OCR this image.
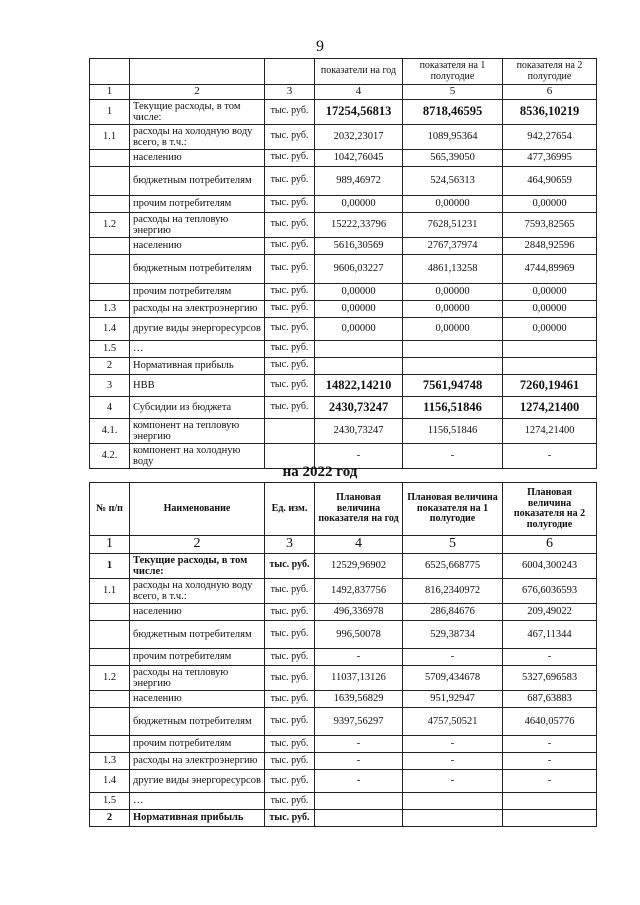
9
			показатели на год	показателя на 1 полугодие	показателя на 2 полугодие
1	2	3	4	5	6
1	Текущие расходы, в том числе:	тыс. руб.	17254,56813	8718,46595	8536,10219
1.1	расходы на холодную воду всего, в т.ч.:	тыс. руб.	2032,23017	1089,95364	942,27654
	населению	тыс. руб.	1042,76045	565,39050	477,36995
	бюджетным потребителям	тыс. руб.	989,46972	524,56313	464,90659
	прочим потребителям	тыс. руб.	0,00000	0,00000	0,00000
1.2	расходы на тепловую энергию	тыс. руб.	15222,33796	7628,51231	7593,82565
	населению	тыс. руб.	5616,30569	2767,37974	2848,92596
	бюджетным потребителям	тыс. руб.	9606,03227	4861,13258	4744,89969
	прочим потребителям	тыс. руб.	0,00000	0,00000	0,00000
1.3	расходы на электроэнергию	тыс. руб.	0,00000	0,00000	0,00000
1.4	другие виды энергоресурсов	тыс. руб.	0,00000	0,00000	0,00000
1.5	…	тыс. руб.			
2	Нормативная прибыль	тыс. руб.			
3	НВВ	тыс. руб.	14822,14210	7561,94748	7260,19461
4	Субсидии из бюджета	тыс. руб.	2430,73247	1156,51846	1274,21400
4.1.	компонент на тепловую энергию		2430,73247	1156,51846	1274,21400
4.2.	компонент на холодную воду		-	-	-
на 2022 год
№ п/п	Наименование	Ед. изм.	Плановая величина показателя на год	Плановая величина показателя на 1 полугодие	Плановая величина показателя на 2 полугодие
1	2	3	4	5	6
1	Текущие расходы, в том числе:	тыс. руб.	12529,96902	6525,668775	6004,300243
1.1	расходы на холодную воду всего, в т.ч.:	тыс. руб.	1492,837756	816,2340972	676,6036593
	населению	тыс. руб.	496,336978	286,84676	209,49022
	бюджетным потребителям	тыс. руб.	996,50078	529,38734	467,11344
	прочим потребителям	тыс. руб.	-	-	-
1.2	расходы на тепловую энергию	тыс. руб.	11037,13126	5709,434678	5327,696583
	населению	тыс. руб.	1639,56829	951,92947	687,63883
	бюджетным потребителям	тыс. руб.	9397,56297	4757,50521	4640,05776
	прочим потребителям	тыс. руб.	-	-	-
1.3	расходы на электроэнергию	тыс. руб.	-	-	-
1.4	другие виды энергоресурсов	тыс. руб.	-	-	-
1.5	…	тыс. руб.			
2	Нормативная прибыль	тыс. руб.			
